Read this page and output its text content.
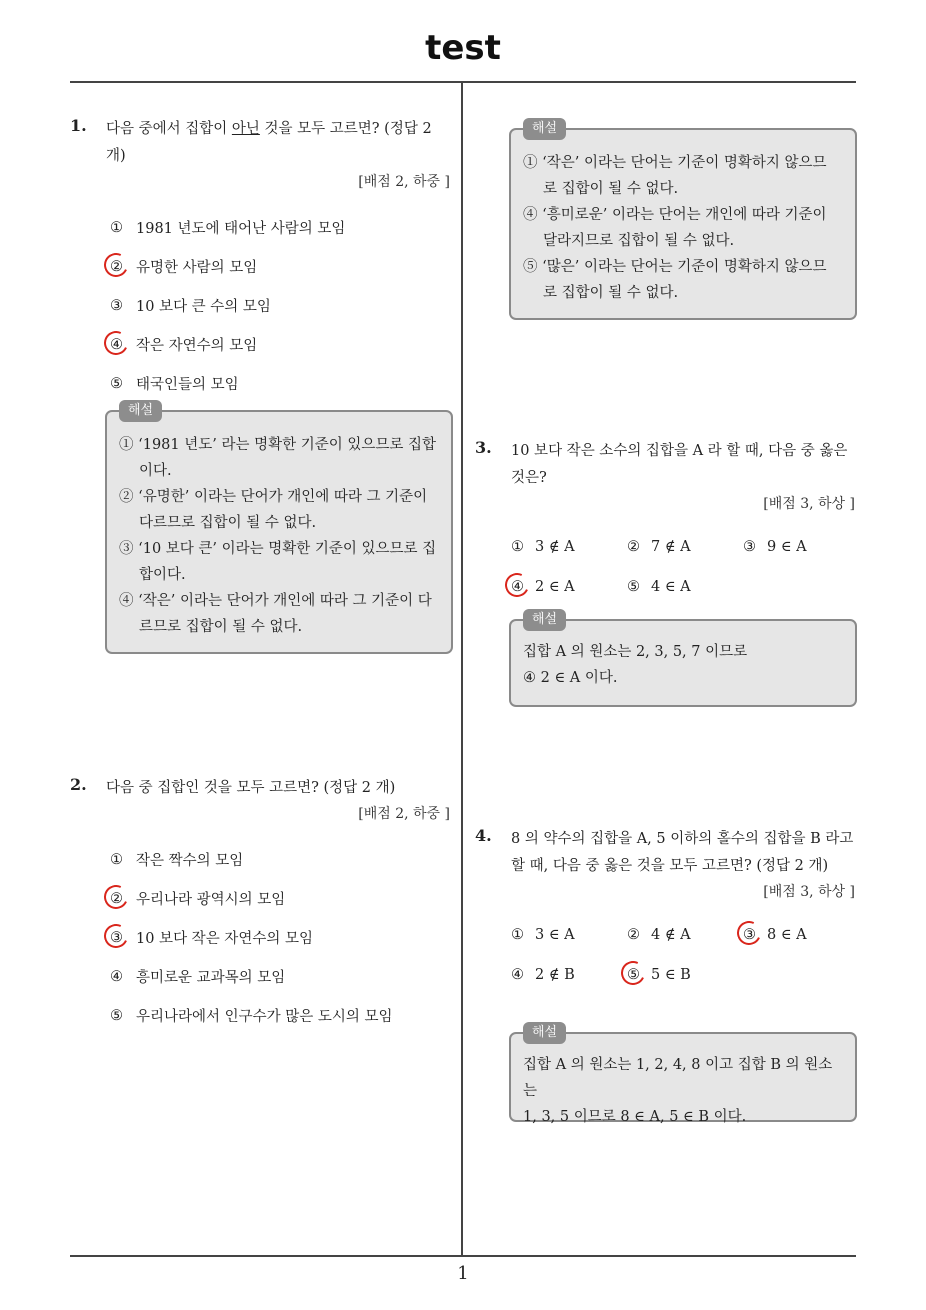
test
1
1. 다음 중에서 집합이 아닌 것을 모두 고르면? (정답 2 개)
[배점 2, 하중 ]
① 1981 년도에 태어난 사람의 모임
② 유명한 사람의 모임
③ 10 보다 큰 수의 모임
④ 작은 자연수의 모임
⑤ 태국인들의 모임
해설
① ‘1981 년도’ 라는 명확한 기준이 있으므로 집합
이다.
② ‘유명한’ 이라는 단어가 개인에 따라 그 기준이
다르므로 집합이 될 수 없다.
③ ‘10 보다 큰’ 이라는 명확한 기준이 있으므로 집
합이다.
④ ‘작은’ 이라는 단어가 개인에 따라 그 기준이 다
르므로 집합이 될 수 없다.
해설
① ‘작은’ 이라는 단어는 기준이 명확하지 않으므
로 집합이 될 수 없다.
④ ‘흥미로운’ 이라는 단어는 개인에 따라 기준이
달라지므로 집합이 될 수 없다.
⑤ ‘많은’ 이라는 단어는 기준이 명확하지 않으므
로 집합이 될 수 없다.
2. 다음 중 집합인 것을 모두 고르면? (정답 2 개)
[배점 2, 하중 ]
① 작은 짝수의 모임
② 우리나라 광역시의 모임
③ 10 보다 작은 자연수의 모임
④ 흥미로운 교과목의 모임
⑤ 우리나라에서 인구수가 많은 도시의 모임
3. 10 보다 작은 소수의 집합을 A 라 할 때, 다음 중 옳은 것은?
[배점 3, 하상 ]
① 3 ∉ A	② 7 ∉ A	③ 9 ∈ A
④ 2 ∈ A	⑤ 4 ∈ A
해설
집합 A 의 원소는 2, 3, 5, 7 이므로
④ 2 ∈ A 이다.
4. 8 의 약수의 집합을 A, 5 이하의 홀수의 집합을 B 라고 할 때, 다음 중 옳은 것을 모두 고르면? (정답 2 개)
[배점 3, 하상 ]
① 3 ∈ A	② 4 ∉ A	③ 8 ∈ A
④ 2 ∉ B	⑤ 5 ∈ B
해설
집합 A 의 원소는 1, 2, 4, 8 이고 집합 B 의 원소는
1, 3, 5 이므로 8 ∈ A, 5 ∈ B 이다.
